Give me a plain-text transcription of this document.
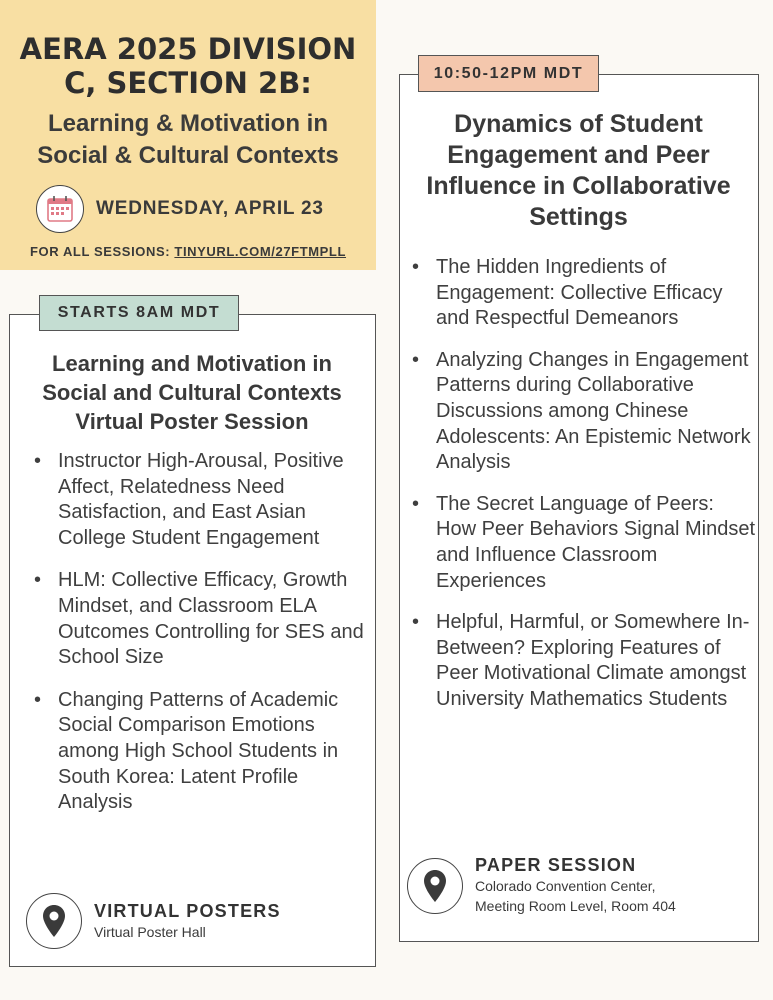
AERA 2025 DIVISION
C, SECTION 2B:
Learning & Motivation in
Social & Cultural Contexts
WEDNESDAY, APRIL 23
FOR ALL SESSIONS: TINYURL.COM/27FTMPLL
Learning and Motivation in
Social and Cultural Contexts
Virtual Poster Session
• Instructor High-Arousal, Positive Affect, Relatedness Need Satisfaction, and East Asian College Student Engagement
• HLM: Collective Efficacy, Growth Mindset, and Classroom ELA Outcomes Controlling for SES and School Size
• Changing Patterns of Academic Social Comparison Emotions among High School Students in South Korea: Latent Profile Analysis
VIRTUAL POSTERS
Virtual Poster Hall
STARTS 8AM MDT
Dynamics of Student
Engagement and Peer
Influence in Collaborative
Settings
• The Hidden Ingredients of Engagement: Collective Efficacy and Respectful Demeanors
• Analyzing Changes in Engagement Patterns during Collaborative Discussions among Chinese Adolescents: An Epistemic Network Analysis
• The Secret Language of Peers: How Peer Behaviors Signal Mindset and Influence Classroom Experiences
• Helpful, Harmful, or Somewhere In-Between? Exploring Features of Peer Motivational Climate amongst University Mathematics Students
PAPER SESSION
Colorado Convention Center,
Meeting Room Level, Room 404
10:50-12PM MDT
